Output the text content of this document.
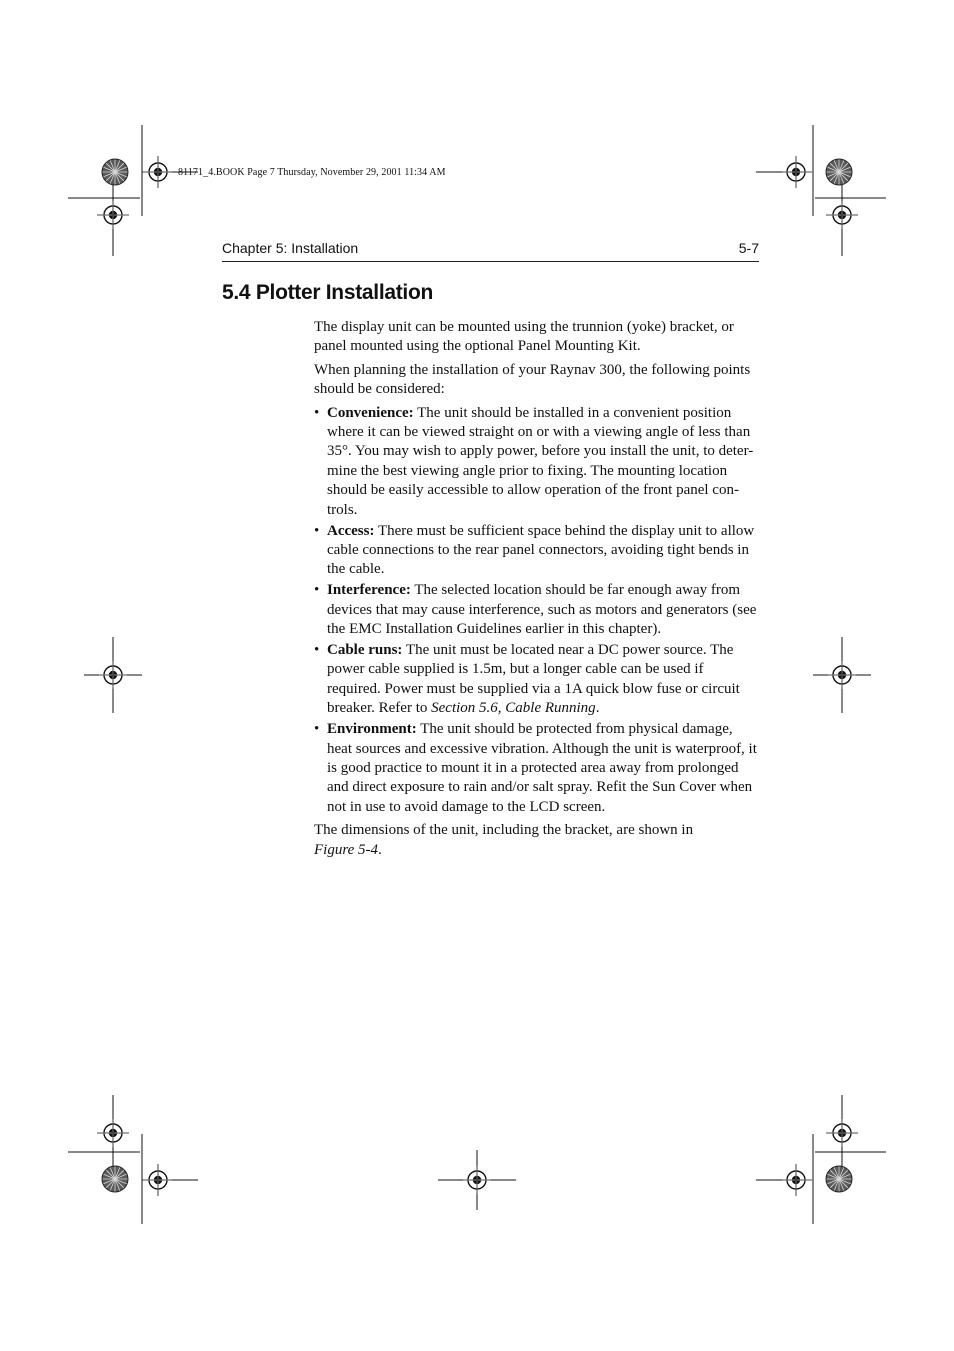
81171_4.BOOK Page 7 Thursday, November 29, 2001 11:34 AM
Chapter 5: Installation	5-7
5.4 Plotter Installation

The display unit can be mounted using the trunnion (yoke) bracket, or panel mounted using the optional Panel Mounting Kit.

When planning the installation of your Raynav 300, the following points should be considered:

• Convenience: The unit should be installed in a convenient position where it can be viewed straight on or with a viewing angle of less than 35°. You may wish to apply power, before you install the unit, to deter-mine the best viewing angle prior to fixing. The mounting location should be easily accessible to allow operation of the front panel con-trols.
• Access: There must be sufficient space behind the display unit to allow cable connections to the rear panel connectors, avoiding tight bends in the cable.
• Interference: The selected location should be far enough away from devices that may cause interference, such as motors and generators (see the EMC Installation Guidelines earlier in this chapter).
• Cable runs: The unit must be located near a DC power source. The power cable supplied is 1.5m, but a longer cable can be used if required. Power must be supplied via a 1A quick blow fuse or circuit breaker. Refer to Section 5.6, Cable Running.
• Environment: The unit should be protected from physical damage, heat sources and excessive vibration. Although the unit is waterproof, it is good practice to mount it in a protected area away from prolonged and direct exposure to rain and/or salt spray. Refit the Sun Cover when not in use to avoid damage to the LCD screen.

The dimensions of the unit, including the bracket, are shown in
Figure 5-4.
